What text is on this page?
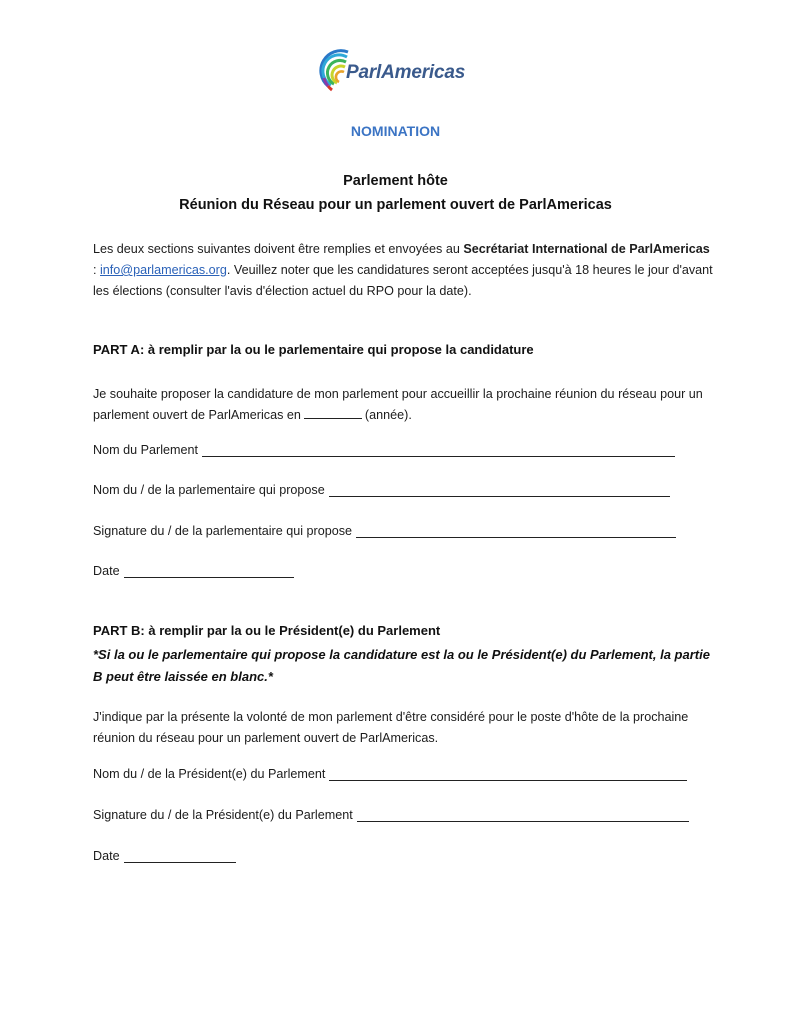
ParlAmericas
NOMINATION
Parlement hôte
Réunion du Réseau pour un parlement ouvert de ParlAmericas
Les deux sections suivantes doivent être remplies et envoyées au Secrétariat International de ParlAmericas : info@parlamericas.org. Veuillez noter que les candidatures seront acceptées jusqu'à 18 heures le jour d'avant les élections (consulter l'avis d'élection actuel du RPO pour la date).
PART A: à remplir par la ou le parlementaire qui propose la candidature
Je souhaite proposer la candidature de mon parlement pour accueillir la prochaine réunion du réseau pour un parlement ouvert de ParlAmericas en	(année).
Nom du Parlement
Nom du / de la parlementaire qui propose
Signature du / de la parlementaire qui propose
Date
PART B: à remplir par la ou le Président(e) du Parlement
*Si la ou le parlementaire qui propose la candidature est la ou le Président(e) du Parlement, la partie B peut être laissée en blanc.*
J'indique par la présente la volonté de mon parlement d'être considéré pour le poste d'hôte de la prochaine réunion du réseau pour un parlement ouvert de ParlAmericas.
Nom du / de la Président(e) du Parlement
Signature du / de la Président(e) du Parlement
Date
